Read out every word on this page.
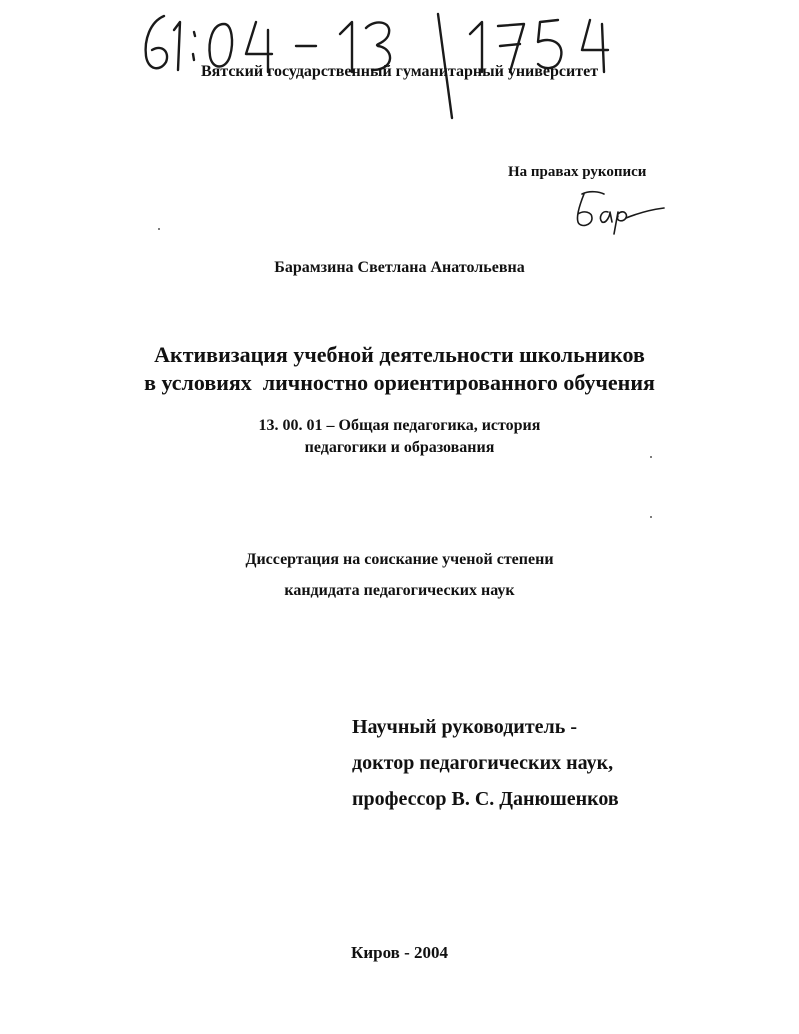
Вятский государственный гуманитарный университет
На правах рукописи
Барамзина Светлана Анатольевна
Активизация учебной деятельности школьников
в условиях  личностно ориентированного обучения
13. 00. 01 – Общая педагогика, история
педагогики и образования
Диссертация на соискание ученой степени
кандидата педагогических наук
Научный руководитель -
доктор педагогических наук,
профессор В. С. Данюшенков
Киров - 2004
